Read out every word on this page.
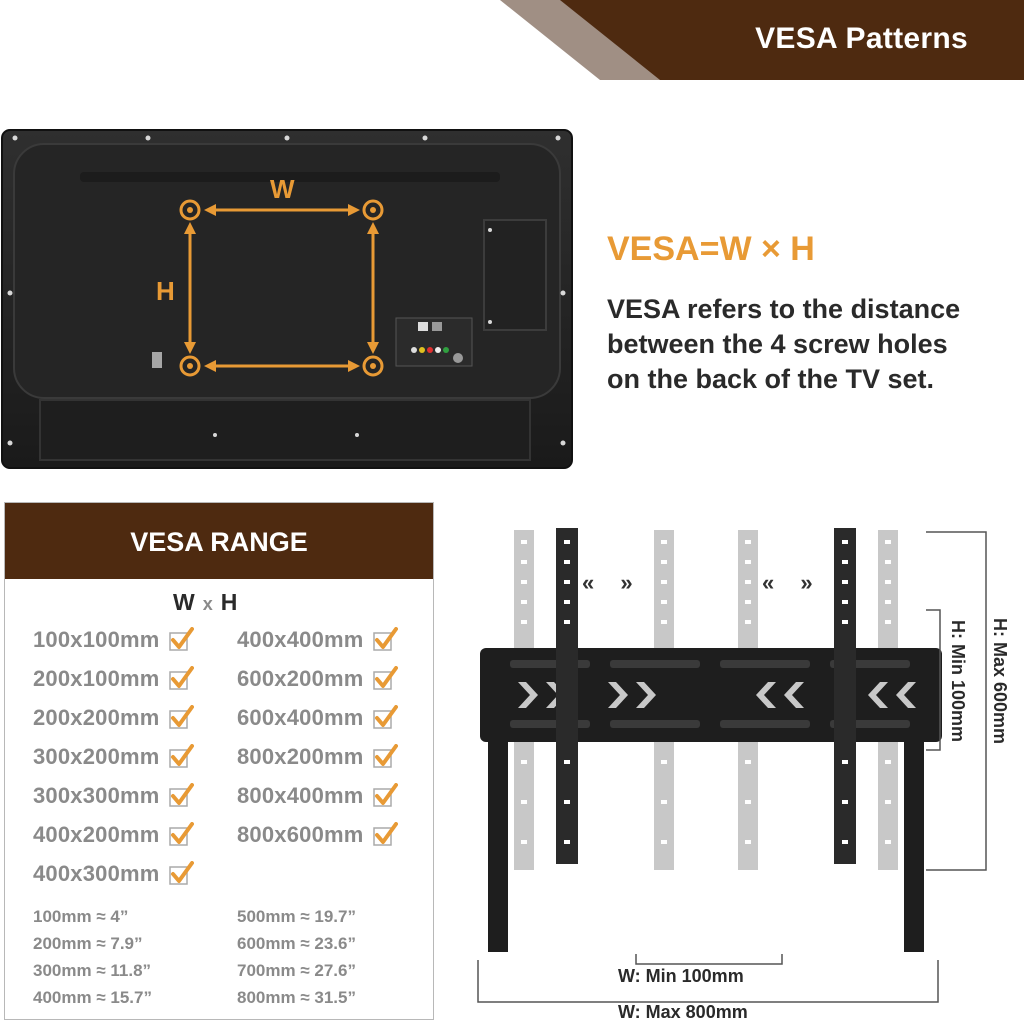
VESA Patterns
W
H
VESA=W × H
VESA refers to the distance
between the 4 screw holes
on the back of the TV set.
VESA RANGE
W x H
100x100mm
200x100mm
200x200mm
300x200mm
300x300mm
400x200mm
400x300mm
400x400mm
600x200mm
600x400mm
800x200mm
800x400mm
800x600mm
100mm ≈ 4”
200mm ≈ 7.9”
300mm ≈ 11.8”
400mm ≈ 15.7”
500mm ≈ 19.7”
600mm ≈ 23.6”
700mm ≈ 27.6”
800mm ≈ 31.5”
« »	« »
H: Max 600mm
H: Min 100mm
W: Min 100mm
W: Max 800mm
